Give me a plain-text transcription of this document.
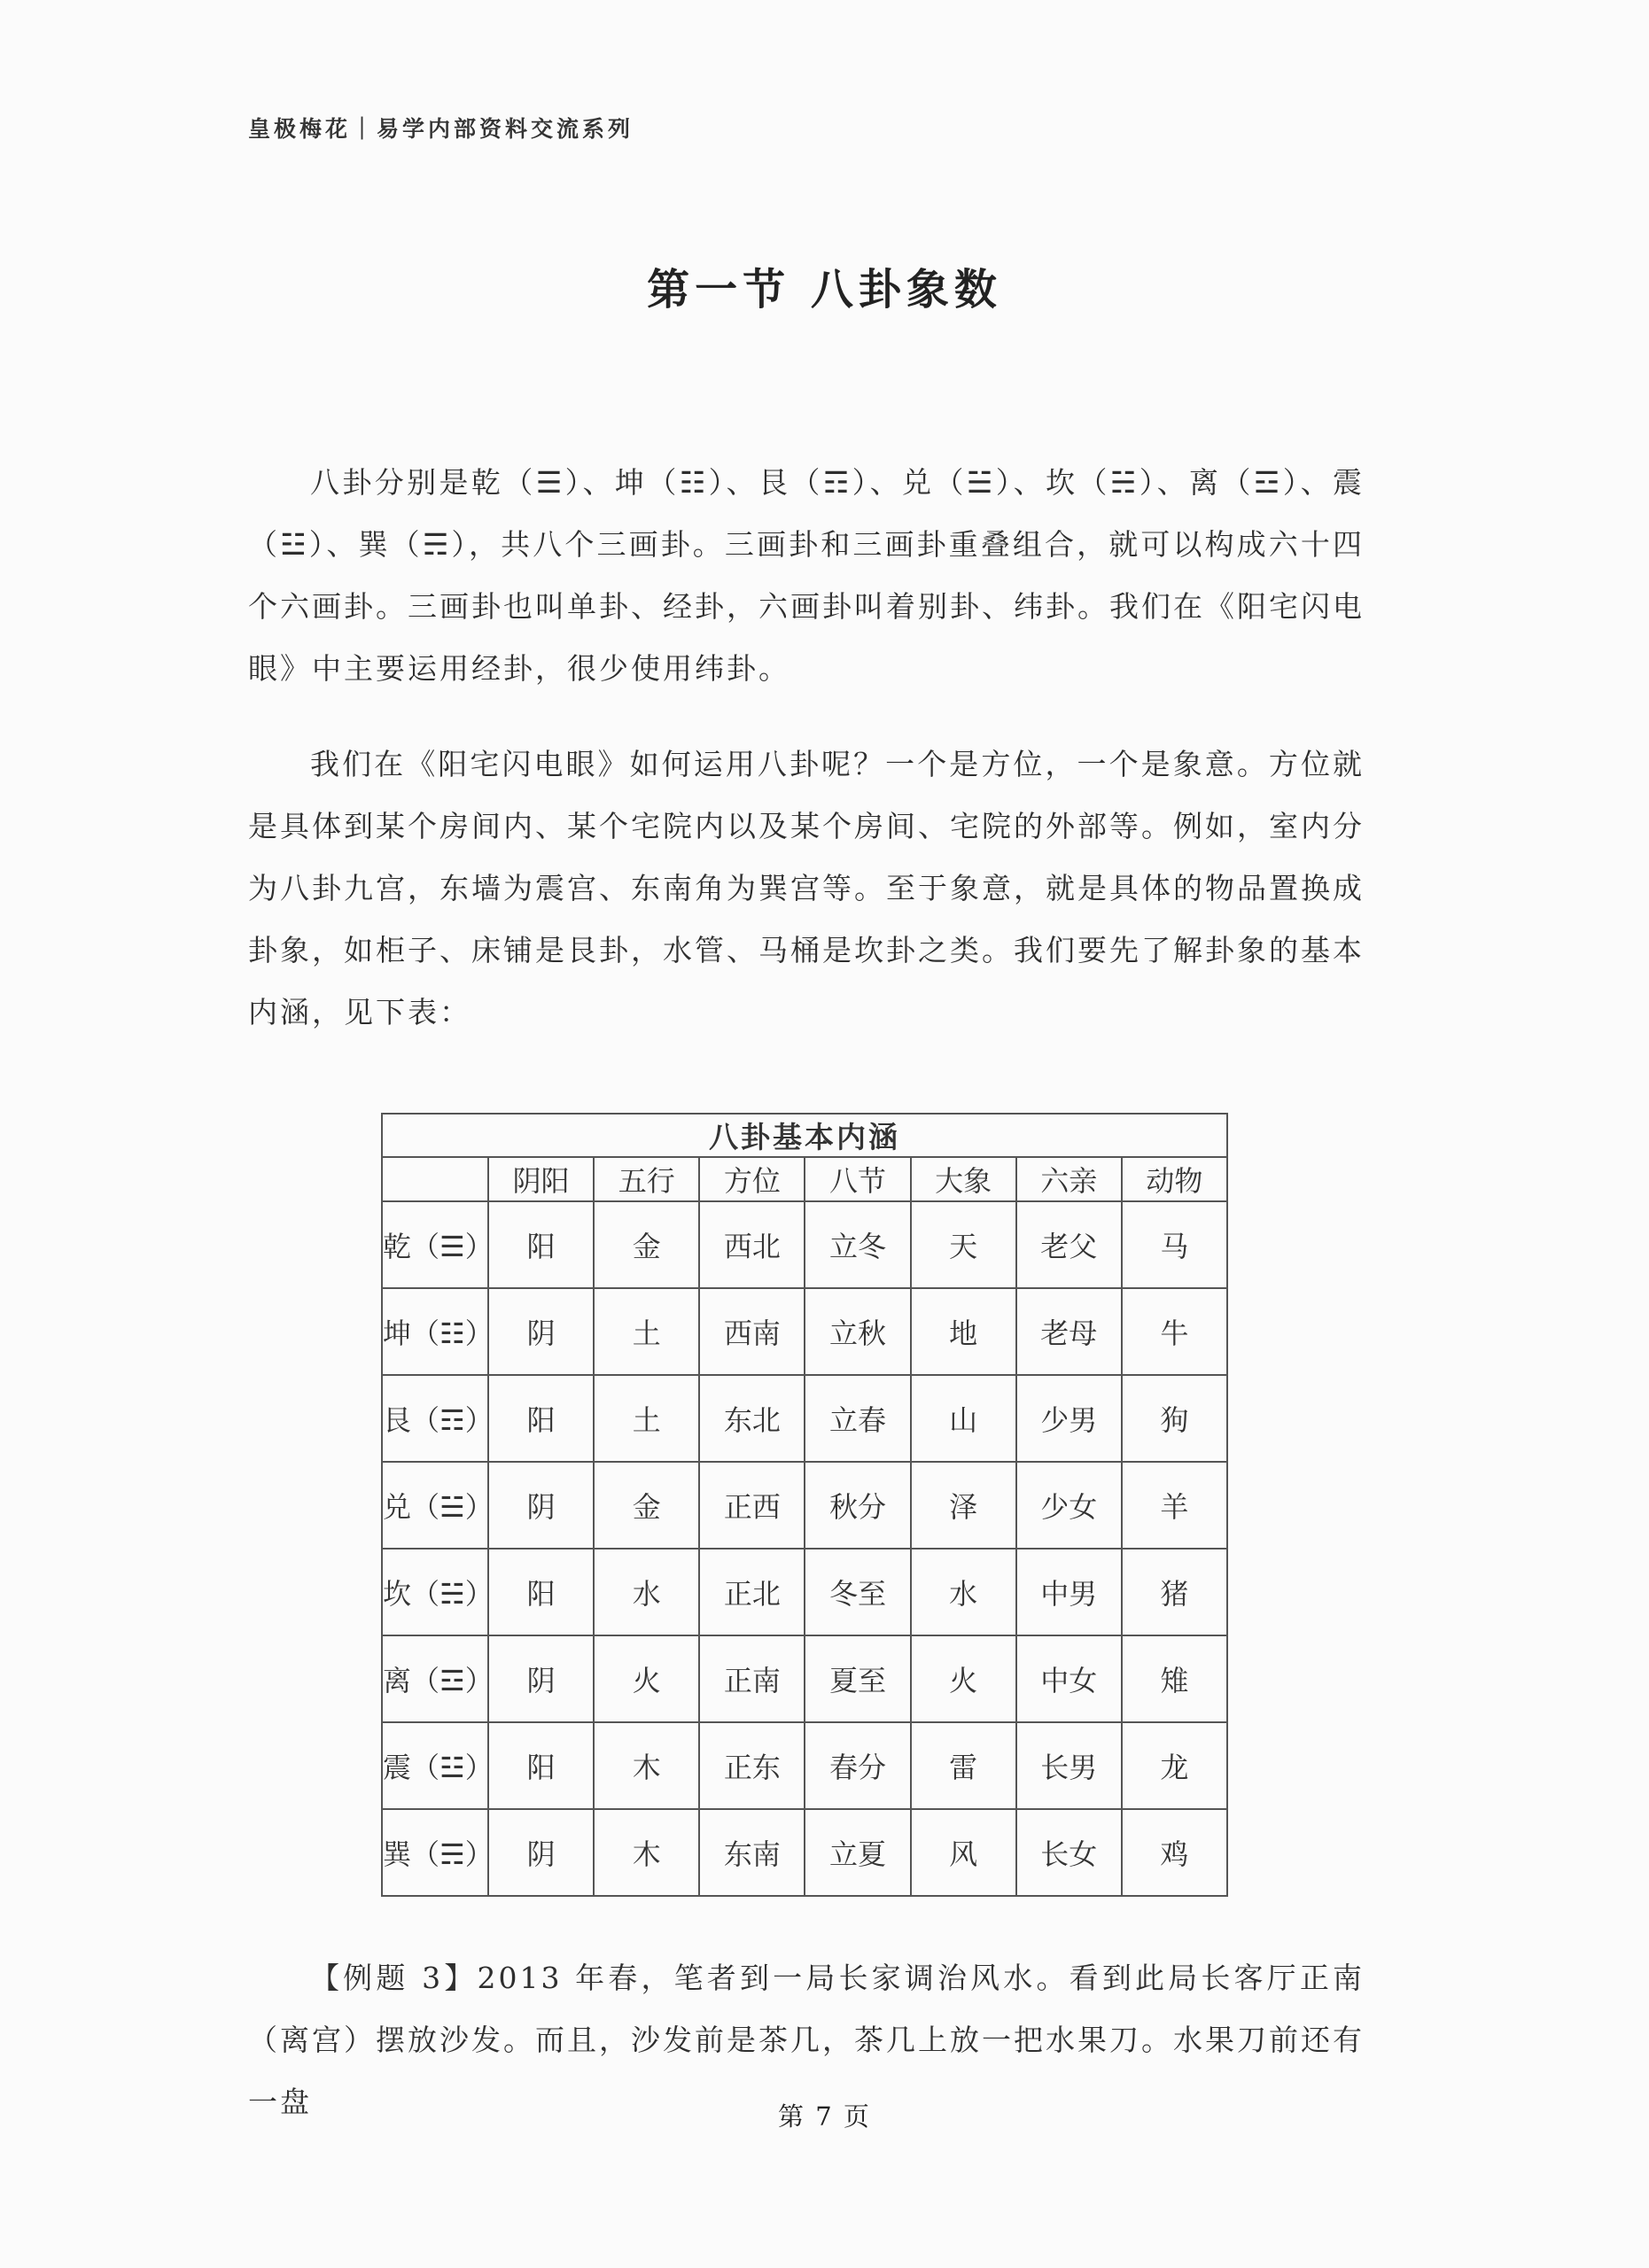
皇极梅花｜易学内部资料交流系列
第一节 八卦象数

八卦分别是乾（☰）、坤（☷）、艮（☶）、兑（☱）、坎（☵）、离（☲）、震（☳）、巽（☴），共八个三画卦。三画卦和三画卦重叠组合，就可以构成六十四个六画卦。三画卦也叫单卦、经卦，六画卦叫着别卦、纬卦。我们在《阳宅闪电眼》中主要运用经卦，很少使用纬卦。

我们在《阳宅闪电眼》如何运用八卦呢？一个是方位，一个是象意。方位就是具体到某个房间内、某个宅院内以及某个房间、宅院的外部等。例如，室内分为八卦九宫，东墙为震宫、东南角为巽宫等。至于象意，就是具体的物品置换成卦象，如柜子、床铺是艮卦，水管、马桶是坎卦之类。我们要先了解卦象的基本内涵，见下表：

八卦基本内涵							
	阴阳	五行	方位	八节	大象	六亲	动物
乾（☰）	阳	金	西北	立冬	天	老父	马
坤（☷）	阴	土	西南	立秋	地	老母	牛
艮（☶）	阳	土	东北	立春	山	少男	狗
兑（☱）	阴	金	正西	秋分	泽	少女	羊
坎（☵）	阳	水	正北	冬至	水	中男	猪
离（☲）	阴	火	正南	夏至	火	中女	雉
震（☳）	阳	木	正东	春分	雷	长男	龙
巽（☴）	阴	木	东南	立夏	风	长女	鸡

【例题 3】2013 年春，笔者到一局长家调治风水。看到此局长客厅正南（离宫）摆放沙发。而且，沙发前是茶几，茶几上放一把水果刀。水果刀前还有一盘	第 7 页
